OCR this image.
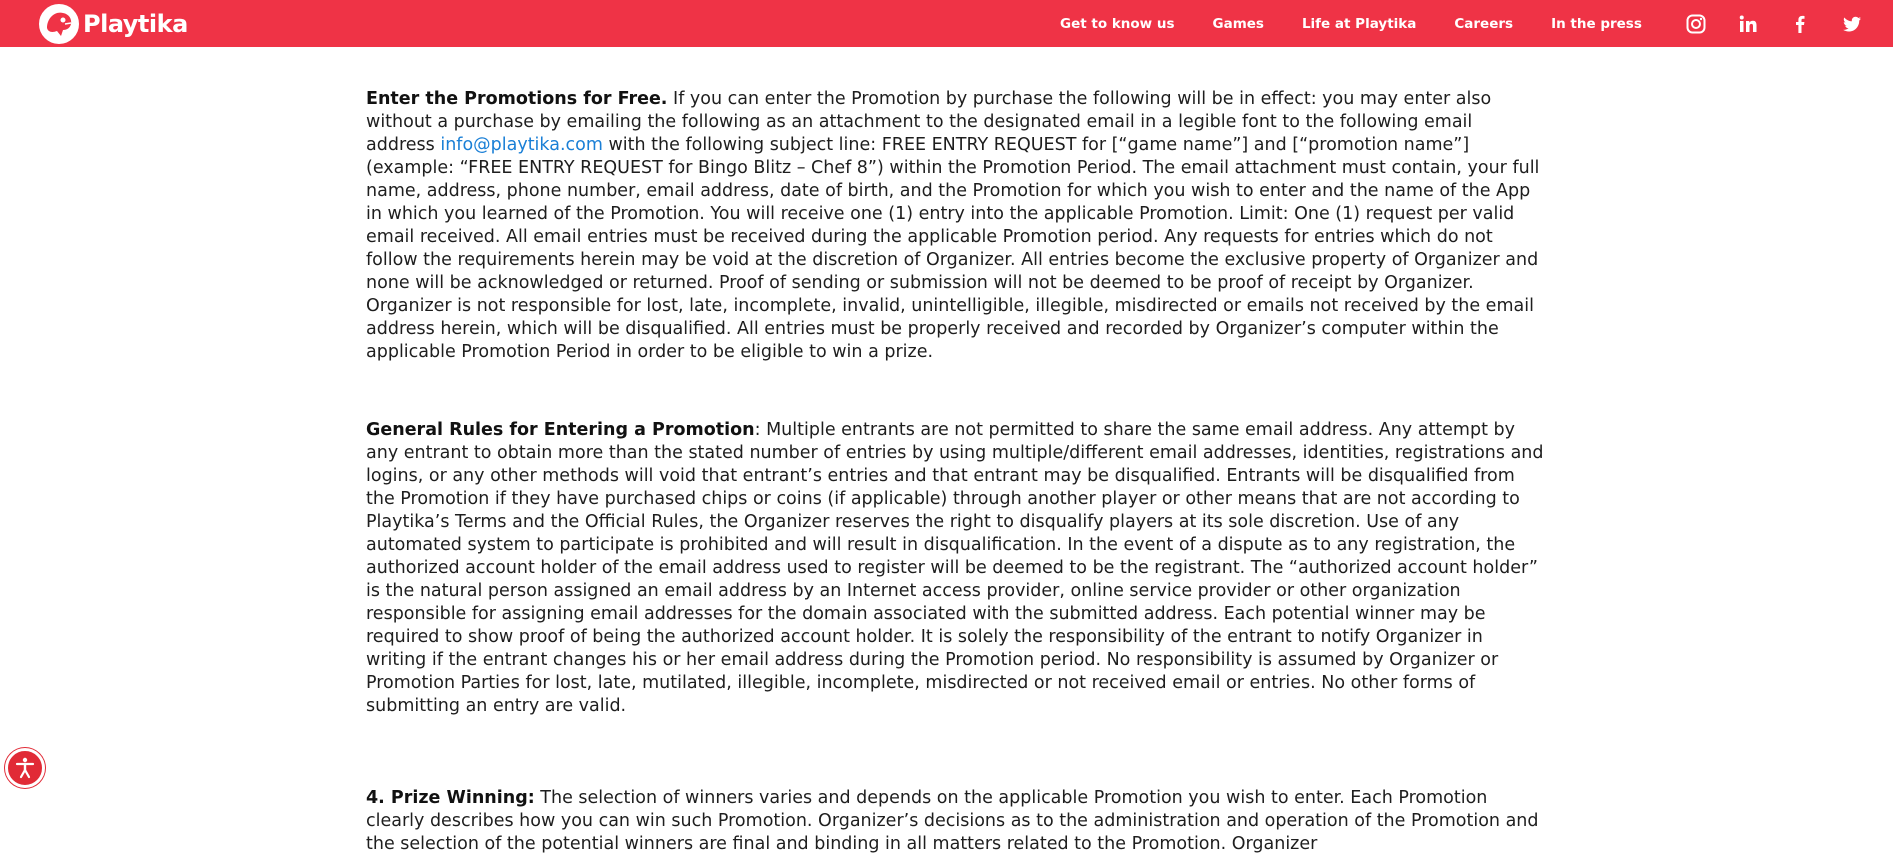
Playtika	Get to know us	Games	Life at Playtika	Careers	In the press

Enter the Promotions for Free. If you can enter the Promotion by purchase the following will be in effect: you may enter also without a purchase by emailing the following as an attachment to the designated email in a legible font to the following email address info@playtika.com with the following subject line: FREE ENTRY REQUEST for [“game name”] and [“promotion name”] (example: “FREE ENTRY REQUEST for Bingo Blitz – Chef 8”) within the Promotion Period. The email attachment must contain, your full name, address, phone number, email address, date of birth, and the Promotion for which you wish to enter and the name of the App in which you learned of the Promotion. You will receive one (1) entry into the applicable Promotion. Limit: One (1) request per valid email received. All email entries must be received during the applicable Promotion period. Any requests for entries which do not follow the requirements herein may be void at the discretion of Organizer. All entries become the exclusive property of Organizer and none will be acknowledged or returned. Proof of sending or submission will not be deemed to be proof of receipt by Organizer. Organizer is not responsible for lost, late, incomplete, invalid, unintelligible, illegible, misdirected or emails not received by the email address herein, which will be disqualified. All entries must be properly received and recorded by Organizer’s computer within the applicable Promotion Period in order to be eligible to win a prize.

General Rules for Entering a Promotion: Multiple entrants are not permitted to share the same email address. Any attempt by any entrant to obtain more than the stated number of entries by using multiple/different email addresses, identities, registrations and logins, or any other methods will void that entrant’s entries and that entrant may be disqualified. Entrants will be disqualified from the Promotion if they have purchased chips or coins (if applicable) through another player or other means that are not according to Playtika’s Terms and the Official Rules, the Organizer reserves the right to disqualify players at its sole discretion. Use of any automated system to participate is prohibited and will result in disqualification. In the event of a dispute as to any registration, the authorized account holder of the email address used to register will be deemed to be the registrant. The “authorized account holder” is the natural person assigned an email address by an Internet access provider, online service provider or other organization responsible for assigning email addresses for the domain associated with the submitted address. Each potential winner may be required to show proof of being the authorized account holder. It is solely the responsibility of the entrant to notify Organizer in writing if the entrant changes his or her email address during the Promotion period. No responsibility is assumed by Organizer or Promotion Parties for lost, late, mutilated, illegible, incomplete, misdirected or not received email or entries. No other forms of submitting an entry are valid.

4. Prize Winning: The selection of winners varies and depends on the applicable Promotion you wish to enter. Each Promotion clearly describes how you can win such Promotion. Organizer’s decisions as to the administration and operation of the Promotion and the selection of the potential winners are final and binding in all matters related to the Promotion. Organizer
